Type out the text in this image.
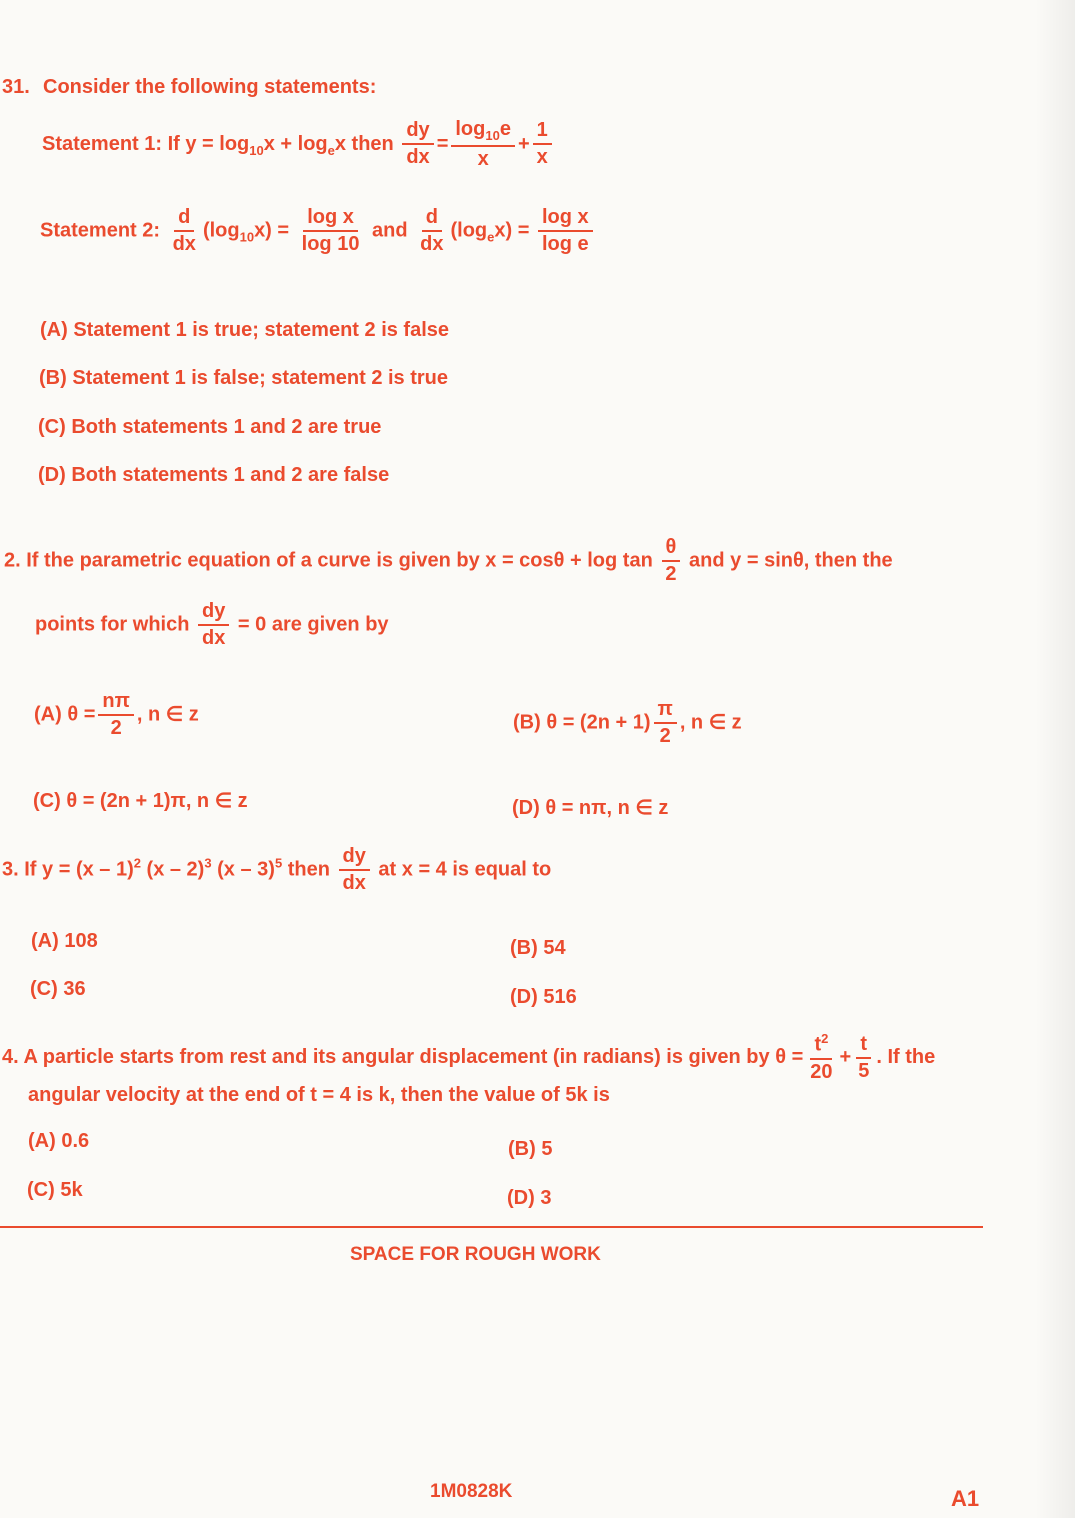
31. Consider the following statements:
Statement 1: If $y = \log_{10}x + \log_ex$ then $\frac{dy}{dx} = \frac{\log_{10}e}{x} + \frac{1}{x}$
Statement 2: $\frac{d}{dx} (\log_{10}x) = \frac{\text{log x}}{\log 10}$ and $\frac{d}{dx} (\log_ex) = \frac{\text{log x}}{\text{log e}}$
(A) Statement 1 is true; statement 2 is false
(B) Statement 1 is false; statement 2 is true
(C) Both statements 1 and 2 are true
(D) Both statements 1 and 2 are false
2. If the parametric equation of a curve is given by $x = \cos\theta + \log \tan \frac{\theta}{2}$ and y = sinθ, then the
points for which $\frac{dy}{dx} = 0$ are given by
(A) $\theta = \frac{n\pi}{2}$ , n ∈ z	(B) $\theta = (2n + 1) \frac{\pi}{2}$ , n ∈ z
(C) θ = (2n + 1)π, n ∈ z	(D) θ = nπ, n ∈ z
3. If y = (x – 1)$^2$ (x – 2)$^3$ (x – 3)$^5$ then $\frac{dy}{dx}$ at x = 4 is equal to
(A) 108	(B) 54
(C) 36	(D) 516
4. A particle starts from rest and its angular displacement (in radians) is given by $\theta = \frac{t^2}{20} + \frac{t}{5}$ . If the
angular velocity at the end of t = 4 is k, then the value of 5k is
(A) 0.6	(B) 5
(C) 5k	(D) 3
SPACE FOR ROUGH WORK
1M0828K	A1
